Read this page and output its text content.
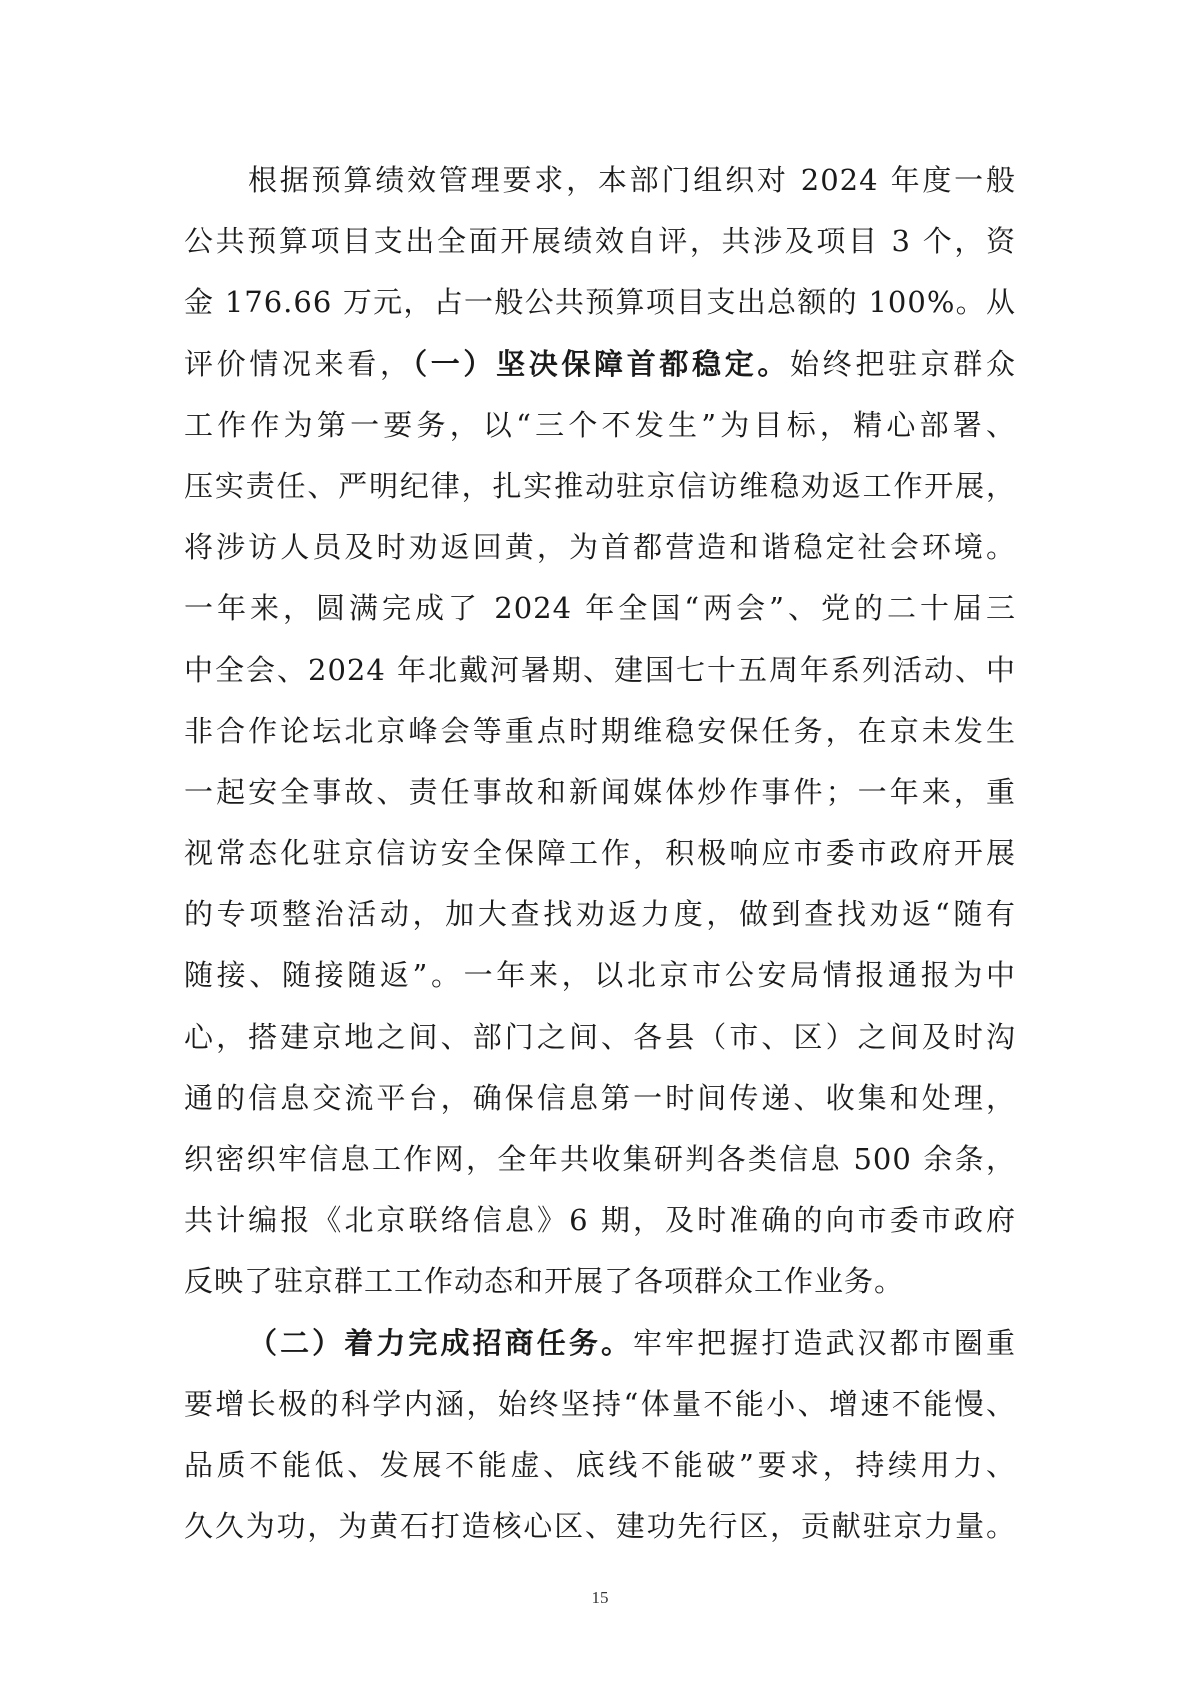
根据预算绩效管理要求，本部门组织对 2024 年度一般
公共预算项目支出全面开展绩效自评，共涉及项目 3 个，资
金 176.66 万元，占一般公共预算项目支出总额的 100%。从
评价情况来看，（一）坚决保障首都稳定。始终把驻京群众
工作作为第一要务，以“三个不发生”为目标，精心部署、
压实责任、严明纪律，扎实推动驻京信访维稳劝返工作开展，
将涉访人员及时劝返回黄，为首都营造和谐稳定社会环境。
一年来，圆满完成了 2024 年全国“两会”、党的二十届三
中全会、2024 年北戴河暑期、建国七十五周年系列活动、中
非合作论坛北京峰会等重点时期维稳安保任务，在京未发生
一起安全事故、责任事故和新闻媒体炒作事件；一年来，重
视常态化驻京信访安全保障工作，积极响应市委市政府开展
的专项整治活动，加大查找劝返力度，做到查找劝返“随有
随接、随接随返”。一年来，以北京市公安局情报通报为中
心，搭建京地之间、部门之间、各县（市、区）之间及时沟
通的信息交流平台，确保信息第一时间传递、收集和处理，
织密织牢信息工作网，全年共收集研判各类信息 500 余条，
共计编报《北京联络信息》6 期，及时准确的向市委市政府
反映了驻京群工工作动态和开展了各项群众工作业务。
（二）着力完成招商任务。牢牢把握打造武汉都市圈重
要增长极的科学内涵，始终坚持“体量不能小、增速不能慢、
品质不能低、发展不能虚、底线不能破”要求，持续用力、
久久为功，为黄石打造核心区、建功先行区，贡献驻京力量。
15
